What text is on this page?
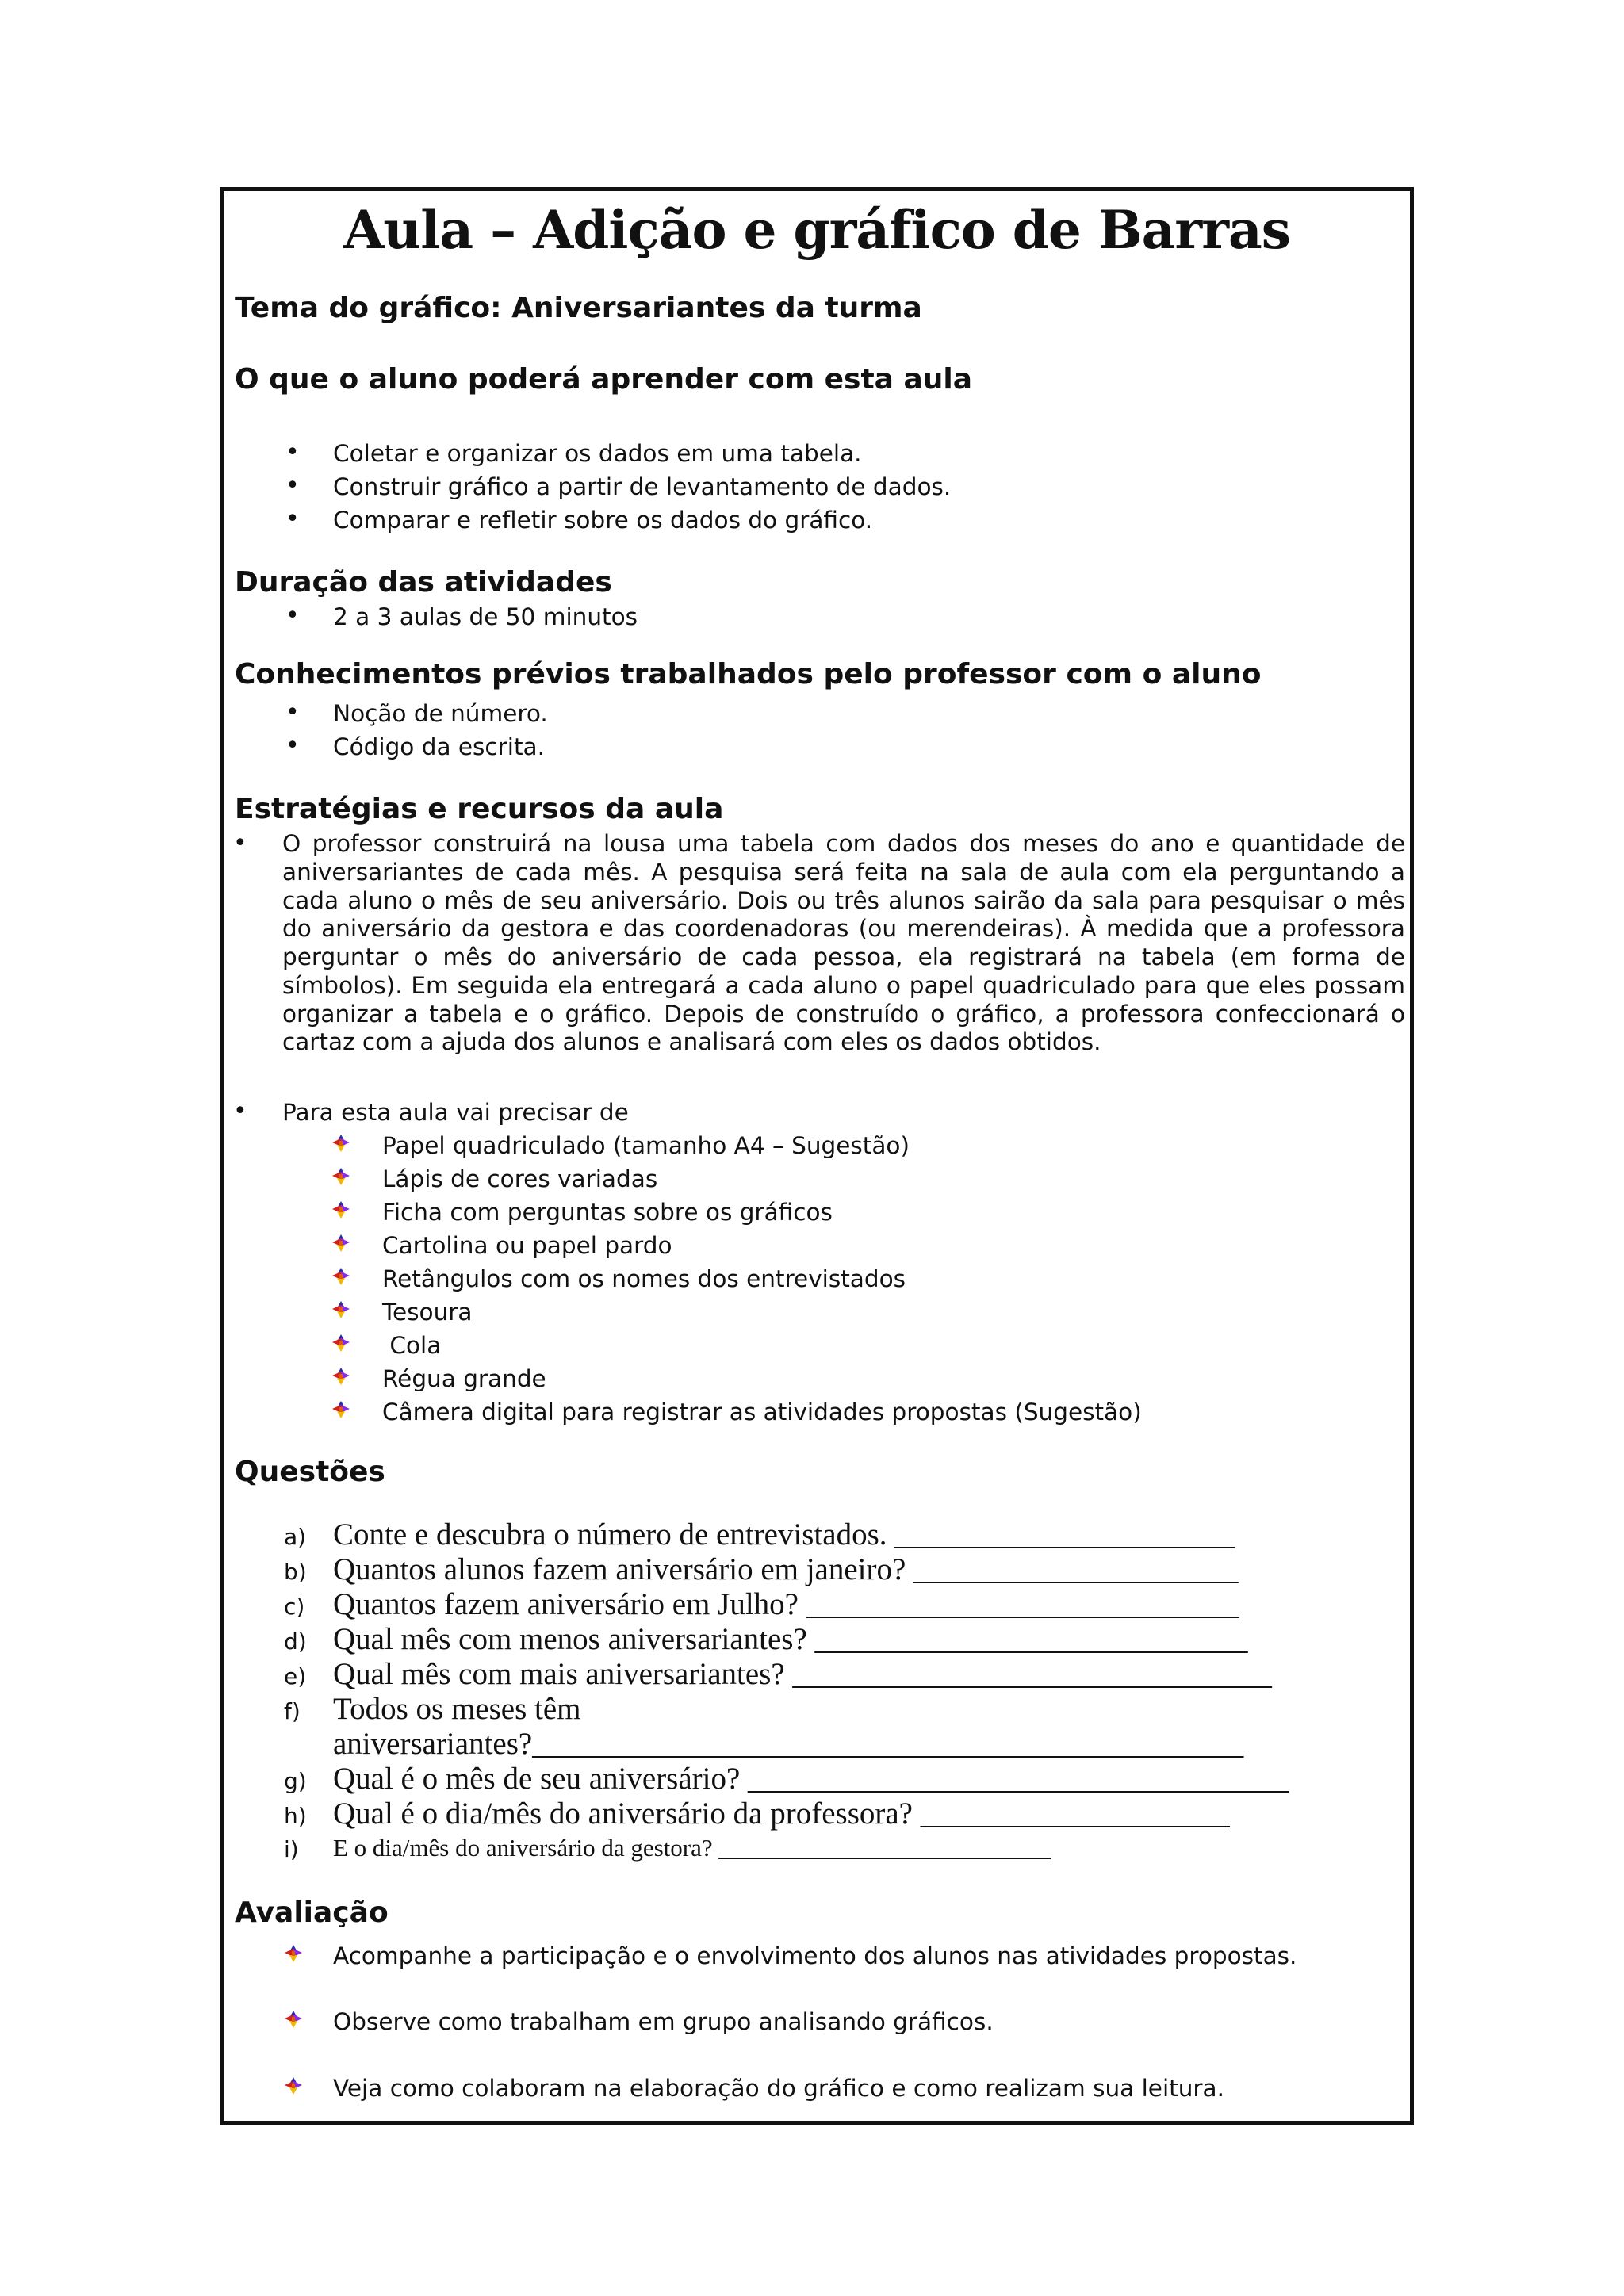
Aula – Adição e gráfico de Barras
Tema do gráfico: Aniversariantes da turma
O que o aluno poderá aprender com esta aula
• Coletar e organizar os dados em uma tabela.
• Construir gráfico a partir de levantamento de dados.
• Comparar e refletir sobre os dados do gráfico.
Duração das atividades
• 2 a 3 aulas de 50 minutos
Conhecimentos prévios trabalhados pelo professor com o aluno
• Noção de número.
• Código da escrita.
Estratégias e recursos da aula
• O professor construirá na lousa uma tabela com dados dos meses do ano e quantidade de
aniversariantes de cada mês. A pesquisa será feita na sala de aula com ela perguntando a
cada aluno o mês de seu aniversário. Dois ou três alunos sairão da sala para pesquisar o mês
do aniversário da gestora e das coordenadoras (ou merendeiras). À medida que a professora
perguntar o mês do aniversário de cada pessoa, ela registrará na tabela (em forma de
símbolos). Em seguida ela entregará a cada aluno o papel quadriculado para que eles possam
organizar a tabela e o gráfico. Depois de construído o gráfico, a professora confeccionará o
cartaz com a ajuda dos alunos e analisará com eles os dados obtidos.
• Para esta aula vai precisar de
Papel quadriculado (tamanho A4 – Sugestão)
Lápis de cores variadas
Ficha com perguntas sobre os gráficos
Cartolina ou papel pardo
Retângulos com os nomes dos entrevistados
Tesoura
Cola
Régua grande
Câmera digital para registrar as atividades propostas (Sugestão)
Questões
a) Conte e descubra o número de entrevistados. ______________________
b) Quantos alunos fazem aniversário em janeiro? _____________________
c) Quantos fazem aniversário em Julho? ____________________________
d) Qual mês com menos aniversariantes? ____________________________
e) Qual mês com mais aniversariantes? _______________________________
f) Todos os meses têm
aniversariantes?______________________________________________
g) Qual é o mês de seu aniversário? ___________________________________
h) Qual é o dia/mês do aniversário da professora? ____________________
i) E o dia/mês do aniversário da gestora? ___________________________
Avaliação
Acompanhe a participação e o envolvimento dos alunos nas atividades propostas.
Observe como trabalham em grupo analisando gráficos.
Veja como colaboram na elaboração do gráfico e como realizam sua leitura.
